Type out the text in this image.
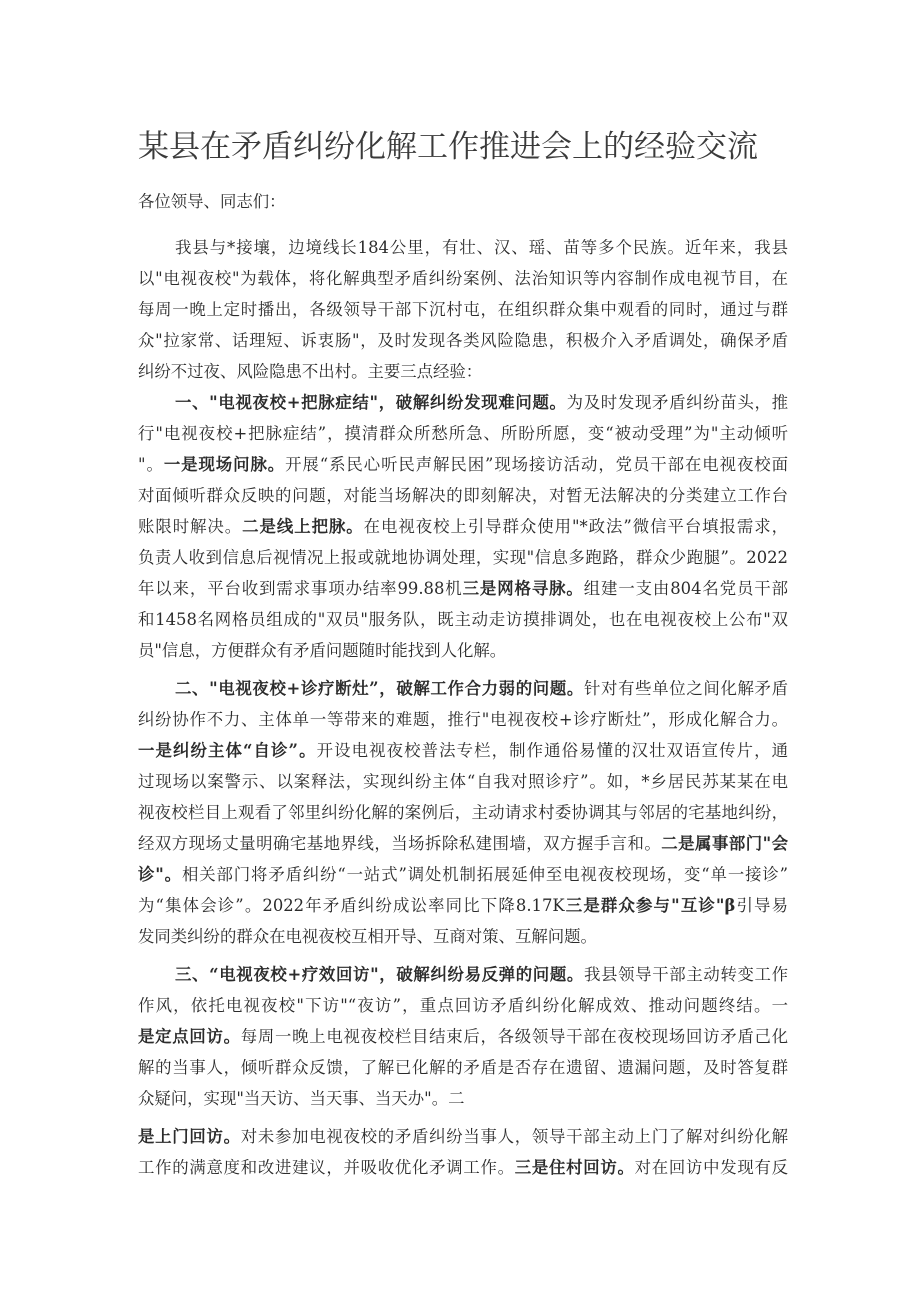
某县在矛盾纠纷化解工作推进会上的经验交流
各位领导、同志们：
我县与*接壤，边境线长184公里，有壮、汉、瑶、苗等多个民族。近年来，我县
以"电视夜校"为载体，将化解典型矛盾纠纷案例、法治知识等内容制作成电视节目，在
每周一晚上定时播出，各级领导干部下沉村屯，在组织群众集中观看的同时，通过与群
众"拉家常、话理短、诉衷肠"，及时发现各类风险隐患，积极介入矛盾调处，确保矛盾
纠纷不过夜、风险隐患不出村。主要三点经验：
一、"电视夜校+把脉症结"，破解纠纷发现难问题。为及时发现矛盾纠纷苗头，推
行"电视夜校+把脉症结”，摸清群众所愁所急、所盼所愿，变“被动受理”为"主动倾听
"。一是现场问脉。开展“系民心听民声解民困”现场接访活动，党员干部在电视夜校面
对面倾听群众反映的问题，对能当场解决的即刻解决，对暂无法解决的分类建立工作台
账限时解决。二是线上把脉。在电视夜校上引导群众使用"*政法”微信平台填报需求，
负责人收到信息后视情况上报或就地协调处理，实现"信息多跑路，群众少跑腿”。2022
年以来，平台收到需求事项办结率99.88机三是网格寻脉。组建一支由804名党员干部
和1458名网格员组成的"双员"服务队，既主动走访摸排调处，也在电视夜校上公布"双
员"信息，方便群众有矛盾问题随时能找到人化解。
二、"电视夜校+诊疗断灶”，破解工作合力弱的问题。针对有些单位之间化解矛盾
纠纷协作不力、主体单一等带来的难题，推行"电视夜校+诊疗断灶”，形成化解合力。
一是纠纷主体“自诊”。开设电视夜校普法专栏，制作通俗易懂的汉壮双语宣传片，通
过现场以案警示、以案释法，实现纠纷主体“自我对照诊疗”。如，*乡居民苏某某在电
视夜校栏目上观看了邻里纠纷化解的案例后，主动请求村委协调其与邻居的宅基地纠纷，
经双方现场丈量明确宅基地界线，当场拆除私建围墙，双方握手言和。二是属事部门"会
诊"。相关部门将矛盾纠纷“一站式”调处机制拓展延伸至电视夜校现场，变“单一接诊”
为“集体会诊”。2022年矛盾纠纷成讼率同比下降8.17K三是群众参与"互诊"β引导易
发同类纠纷的群众在电视夜校互相开导、互商对策、互解问题。
三、“电视夜校+疗效回访"，破解纠纷易反弹的问题。我县领导干部主动转变工作
作风，依托电视夜校"下访"“夜访”，重点回访矛盾纠纷化解成效、推动问题终结。一
是定点回访。每周一晚上电视夜校栏目结束后，各级领导干部在夜校现场回访矛盾己化
解的当事人，倾听群众反馈，了解已化解的矛盾是否存在遗留、遗漏问题，及时答复群
众疑问，实现"当天访、当天事、当天办"。二
是上门回访。对未参加电视夜校的矛盾纠纷当事人，领导干部主动上门了解对纠纷化解
工作的满意度和改进建议，并吸收优化矛调工作。三是住村回访。对在回访中发现有反
